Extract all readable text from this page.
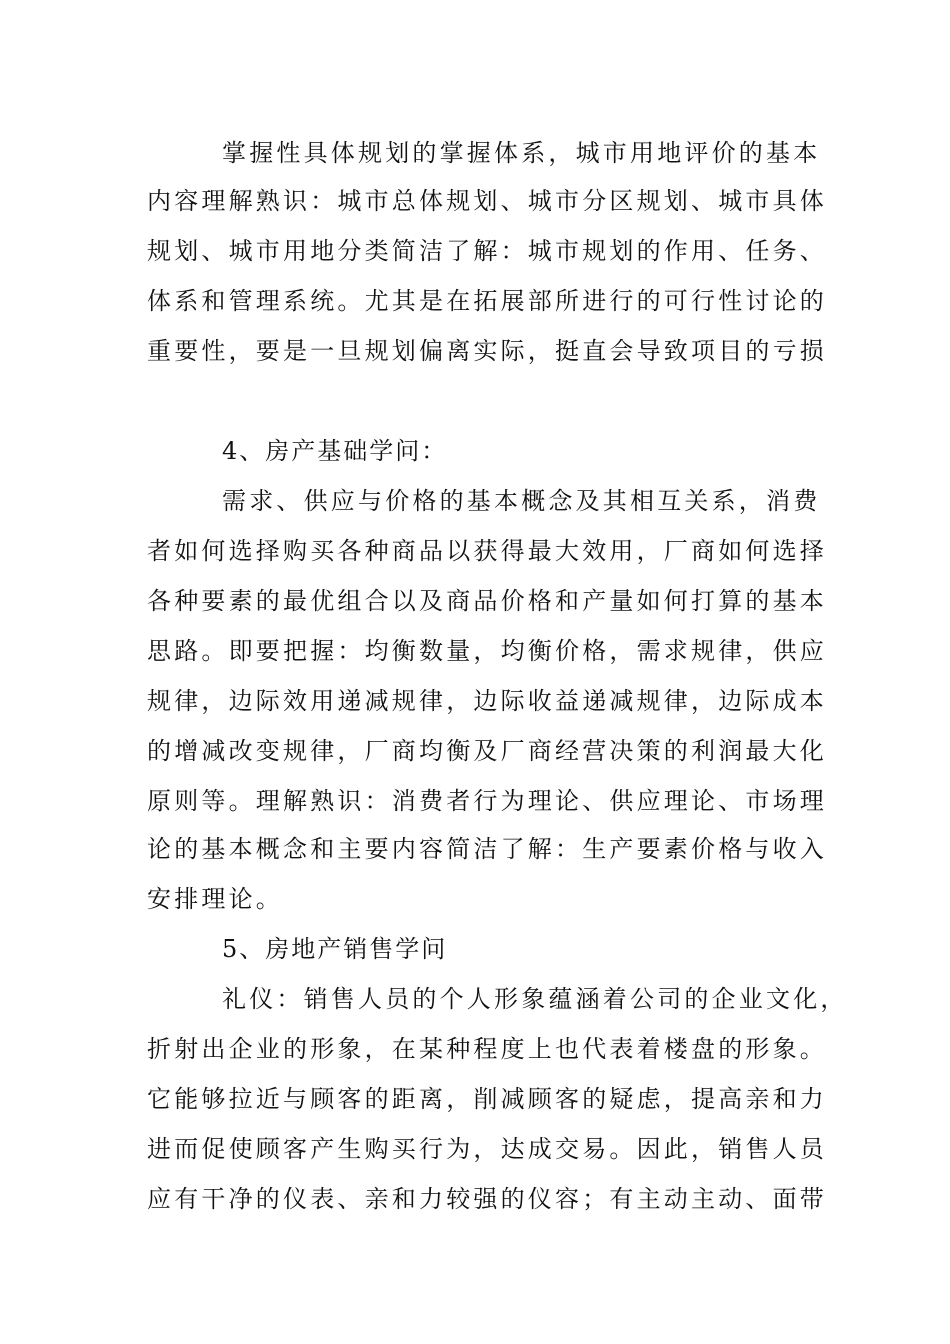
掌握性具体规划的掌握体系，城市用地评价的基本
内容理解熟识：城市总体规划、城市分区规划、城市具体
规划、城市用地分类简洁了解：城市规划的作用、任务、
体系和管理系统。尤其是在拓展部所进行的可行性讨论的
重要性，要是一旦规划偏离实际，挺直会导致项目的亏损
4、房产基础学问：
需求、供应与价格的基本概念及其相互关系，消费
者如何选择购买各种商品以获得最大效用，厂商如何选择
各种要素的最优组合以及商品价格和产量如何打算的基本
思路。即要把握：均衡数量，均衡价格，需求规律，供应
规律，边际效用递减规律，边际收益递减规律，边际成本
的增减改变规律，厂商均衡及厂商经营决策的利润最大化
原则等。理解熟识：消费者行为理论、供应理论、市场理
论的基本概念和主要内容简洁了解：生产要素价格与收入
安排理论。
5、房地产销售学问
礼仪：销售人员的个人形象蕴涵着公司的企业文化，
折射出企业的形象，在某种程度上也代表着楼盘的形象。
它能够拉近与顾客的距离，削减顾客的疑虑，提高亲和力
进而促使顾客产生购买行为，达成交易。因此，销售人员
应有干净的仪表、亲和力较强的仪容；有主动主动、面带
